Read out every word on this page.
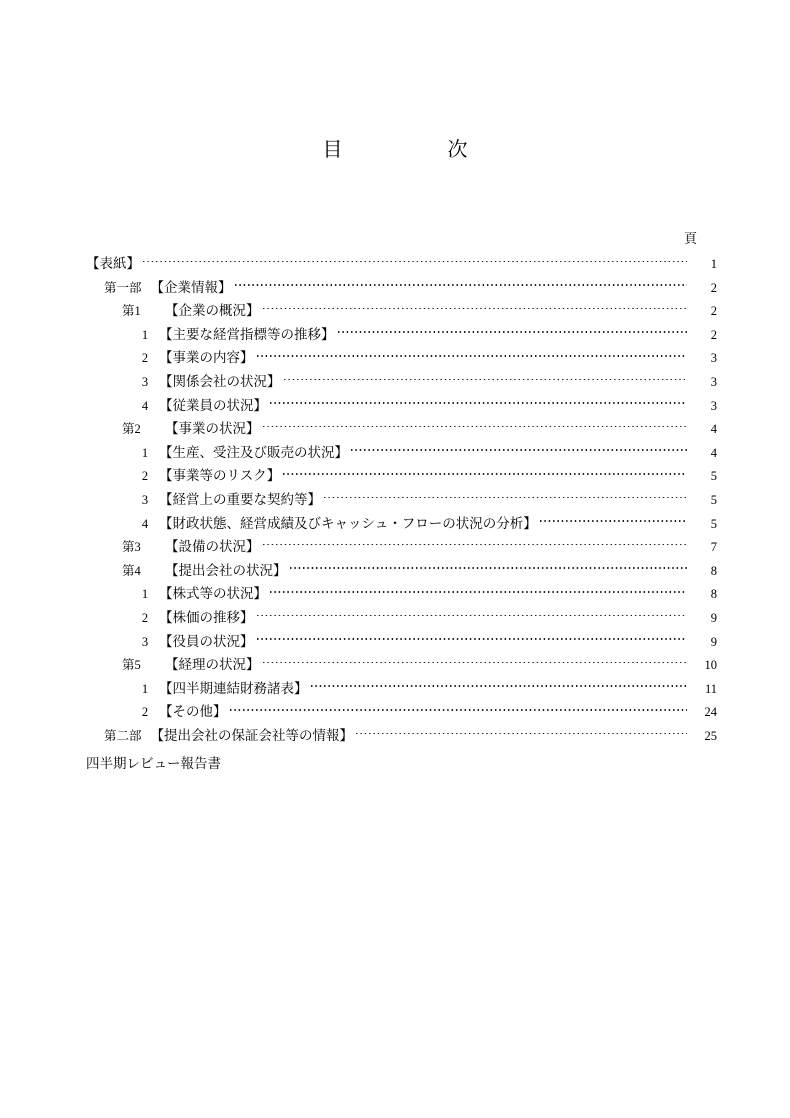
目	次
頁
【表紙】	1
第一部 【企業情報】	2
第1	【企業の概況】	2
1 【主要な経営指標等の推移】	2
2 【事業の内容】	3
3 【関係会社の状況】	3
4 【従業員の状況】	3
第2	【事業の状況】	4
1 【生産、受注及び販売の状況】	4
2 【事業等のリスク】	5
3 【経営上の重要な契約等】	5
4 【財政状態、経営成績及びキャッシュ・フローの状況の分析】	5
第3	【設備の状況】	7
第4	【提出会社の状況】	8
1 【株式等の状況】	8
2 【株価の推移】	9
3 【役員の状況】	9
第5	【経理の状況】	10
1 【四半期連結財務諸表】	11
2 【その他】	24
第二部 【提出会社の保証会社等の情報】	25
四半期レビュー報告書
